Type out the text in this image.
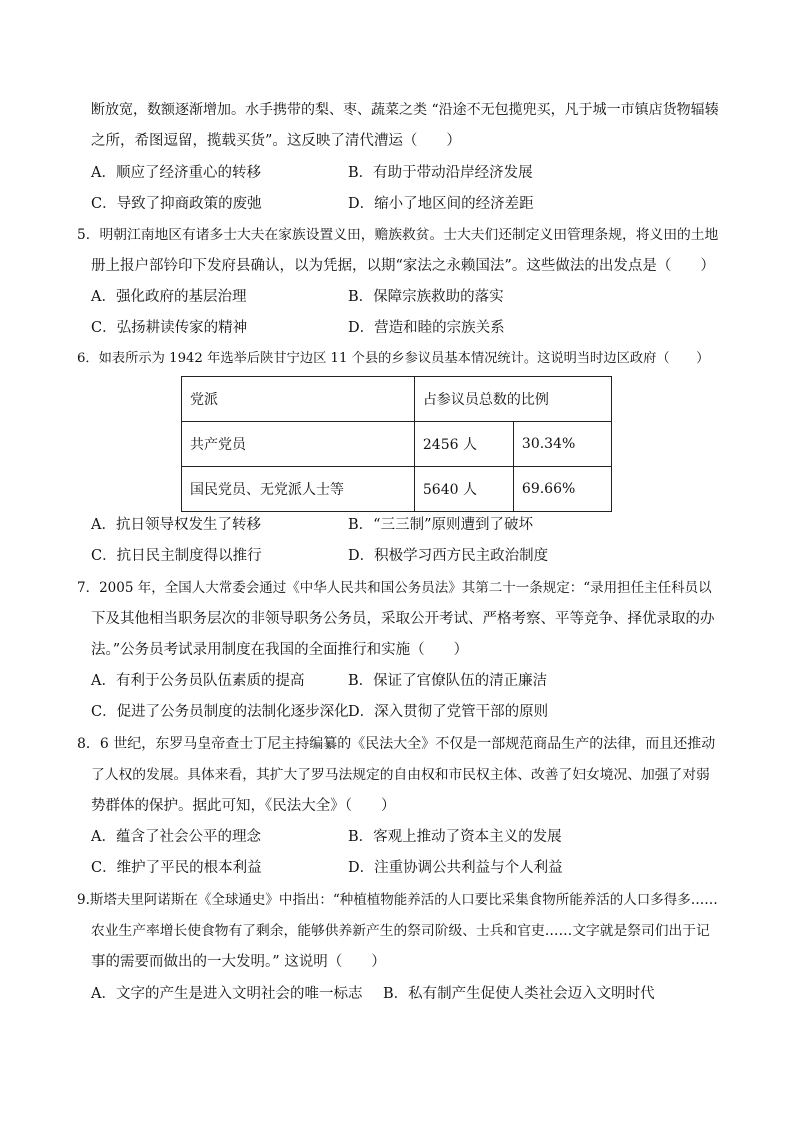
断放宽，数额逐渐增加。水手携带的梨、枣、蔬菜之类 “沿途不无包揽兜买，凡于城一市镇店货物辐辏
之所，希图逗留，揽载买货”。这反映了清代漕运（　　）
A．顺应了经济重心的转移	B．有助于带动沿岸经济发展
C．导致了抑商政策的废弛	D．缩小了地区间的经济差距
5．明朝江南地区有诸多士大夫在家族设置义田，赡族救贫。士大夫们还制定义田管理条规，将义田的土地
册上报户部钤印下发府县确认，以为凭据，以期“家法之永赖国法”。这些做法的出发点是（　　）
A．强化政府的基层治理	B．保障宗族救助的落实
C．弘扬耕读传家的精神	D．营造和睦的宗族关系
6．如表所示为 1942 年选举后陕甘宁边区 11 个县的乡参议员基本情况统计。这说明当时边区政府（　　）
党派	占参议员总数的比例	
共产党员	2456 人	30.34%
国民党员、无党派人士等	5640 人	69.66%
A．抗日领导权发生了转移	B．“三三制”原则遭到了破坏
C．抗日民主制度得以推行	D．积极学习西方民主政治制度
7．2005 年，全国人大常委会通过《中华人民共和国公务员法》其第二十一条规定：“录用担任主任科员以
下及其他相当职务层次的非领导职务公务员，采取公开考试、严格考察、平等竞争、择优录取的办
法。”公务员考试录用制度在我国的全面推行和实施（　　）
A．有利于公务员队伍素质的提高	B．保证了官僚队伍的清正廉洁
C．促进了公务员制度的法制化逐步深化 D．深入贯彻了党管干部的原则
8．6 世纪，东罗马皇帝查士丁尼主持编纂的《民法大全》不仅是一部规范商品生产的法律，而且还推动
了人权的发展。具体来看，其扩大了罗马法规定的自由权和市民权主体、改善了妇女境况、加强了对弱
势群体的保护。据此可知，《民法大全》（　　）
A．蕴含了社会公平的理念	B．客观上推动了资本主义的发展
C．维护了平民的根本利益	D．注重协调公共利益与个人利益
9.斯塔夫里阿诺斯在《全球通史》中指出：“种植植物能养活的人口要比采集食物所能养活的人口多得多……
农业生产率增长使食物有了剩余，能够供养新产生的祭司阶级、士兵和官吏……文字就是祭司们出于记
事的需要而做出的一大发明。” 这说明（　　）
A．文字的产生是进入文明社会的唯一标志 B．私有制产生促使人类社会迈入文明时代
